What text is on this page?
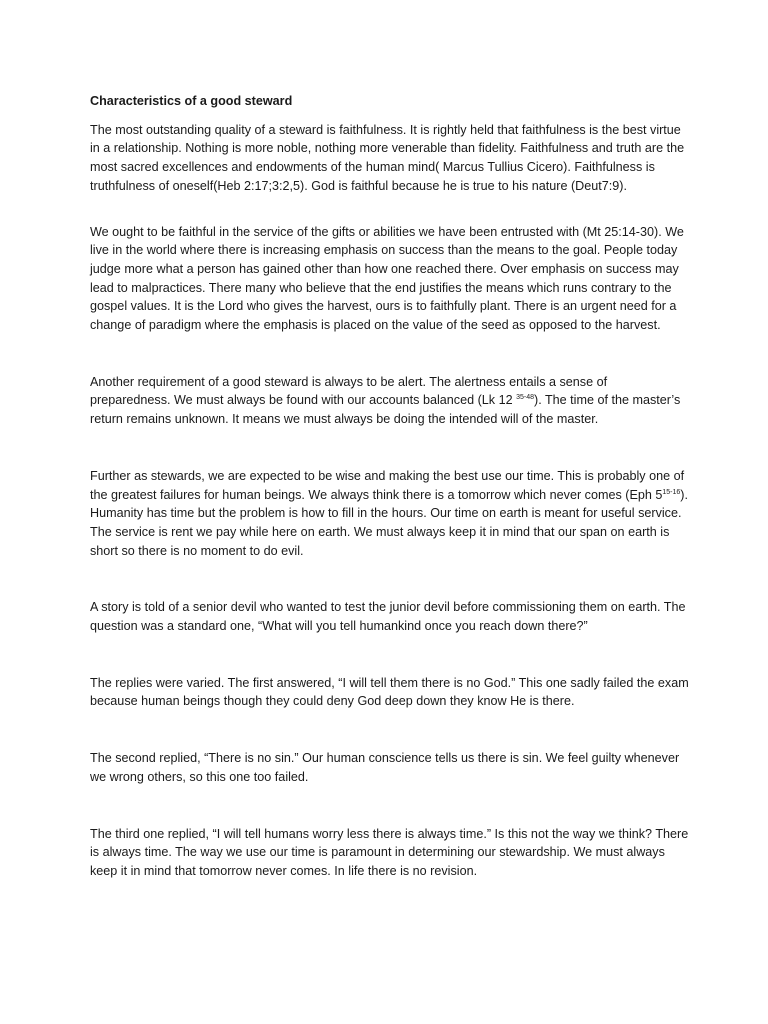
Characteristics of a good steward

The most outstanding quality of a steward is faithfulness. It is rightly held that faithfulness is the best virtue in a relationship. Nothing is more noble, nothing more venerable than fidelity. Faithfulness and truth are the most sacred excellences and endowments of the human mind( Marcus Tullius Cicero). Faithfulness is truthfulness of oneself(Heb 2:17;3:2,5). God is faithful because he is true to his nature (Deut7:9).

We ought to be faithful in the service of the gifts or abilities we have been entrusted with (Mt 25:14-30). We live in the world where there is increasing emphasis on success than the means to the goal. People today judge more what a person has gained other than how one reached there. Over emphasis on success may lead to malpractices. There many who believe that the end justifies the means which runs contrary to the gospel values. It is the Lord who gives the harvest, ours is to faithfully plant. There is an urgent need for a change of paradigm where the emphasis is placed on the value of the seed as opposed to the harvest.

Another requirement of a good steward is always to be alert. The alertness entails a sense of preparedness. We must always be found with our accounts balanced (Lk 12 $^{35-48}$). The time of the master’s return remains unknown. It means we must always be doing the intended will of the master.

Further as stewards, we are expected to be wise and making the best use our time. This is probably one of the greatest failures for human beings. We always think there is a tomorrow which never comes (Eph 5$^{15-16}$). Humanity has time but the problem is how to fill in the hours. Our time on earth is meant for useful service. The service is rent we pay while here on earth. We must always keep it in mind that our span on earth is short so there is no moment to do evil.

A story is told of a senior devil who wanted to test the junior devil before commissioning them on earth. The question was a standard one, “What will you tell humankind once you reach down there?”

The replies were varied. The first answered, “I will tell them there is no God.” This one sadly failed the exam because human beings though they could deny God deep down they know He is there.

The second replied, “There is no sin.” Our human conscience tells us there is sin. We feel guilty whenever we wrong others, so this one too failed.

The third one replied, “I will tell humans worry less there is always time.” Is this not the way we think? There is always time. The way we use our time is paramount in determining our stewardship. We must always keep it in mind that tomorrow never comes. In life there is no revision.
